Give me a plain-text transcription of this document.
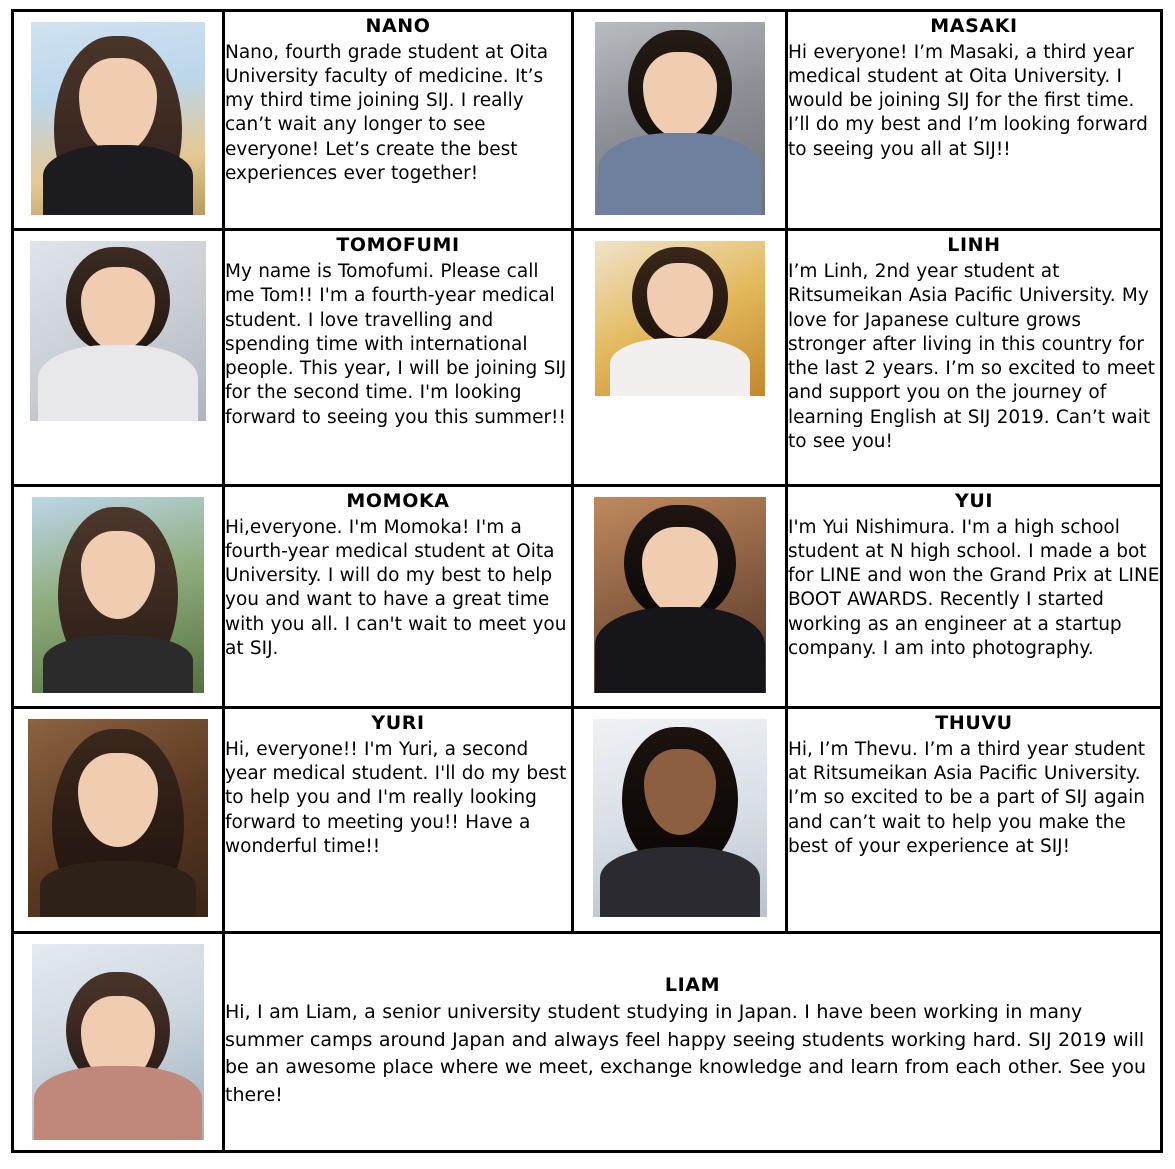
NANO
Nano, fourth grade student at Oita University faculty of medicine. It’s my third time joining SIJ. I really can’t wait any longer to see everyone! Let’s create the best experiences ever together!

MASAKI
Hi everyone! I’m Masaki, a third year medical student at Oita University. I would be joining SIJ for the first time. I’ll do my best and I’m looking forward to seeing you all at SIJ!!

TOMOFUMI
My name is Tomofumi. Please call me Tom!! I'm a fourth-year medical student. I love travelling and spending time with international people. This year, I will be joining SIJ for the second time. I'm looking forward to seeing you this summer!!

LINH
I’m Linh, 2nd year student at Ritsumeikan Asia Pacific University. My love for Japanese culture grows stronger after living in this country for the last 2 years. I’m so excited to meet and support you on the journey of learning English at SIJ 2019. Can’t wait to see you!

MOMOKA
Hi,everyone. I'm Momoka! I'm a fourth-year medical student at Oita University. I will do my best to help you and want to have a great time with you all. I can't wait to meet you at SIJ.

YUI
I'm Yui Nishimura. I'm a high school student at N high school. I made a bot for LINE and won the Grand Prix at LINE BOOT AWARDS. Recently I started working as an engineer at a startup company. I am into photography.

YURI
Hi, everyone!! I'm Yuri, a second year medical student. I'll do my best to help you and I'm really looking forward to meeting you!! Have a wonderful time!!

THUVU
Hi, I’m Thevu. I’m a third year student at Ritsumeikan Asia Pacific University. I’m so excited to be a part of SIJ again and can’t wait to help you make the best of your experience at SIJ!

	LIAM
Hi, I am Liam, a senior university student studying in Japan. I have been working in many summer camps around Japan and always feel happy seeing students working hard. SIJ 2019 will be an awesome place where we meet, exchange knowledge and learn from each other. See you there!		
